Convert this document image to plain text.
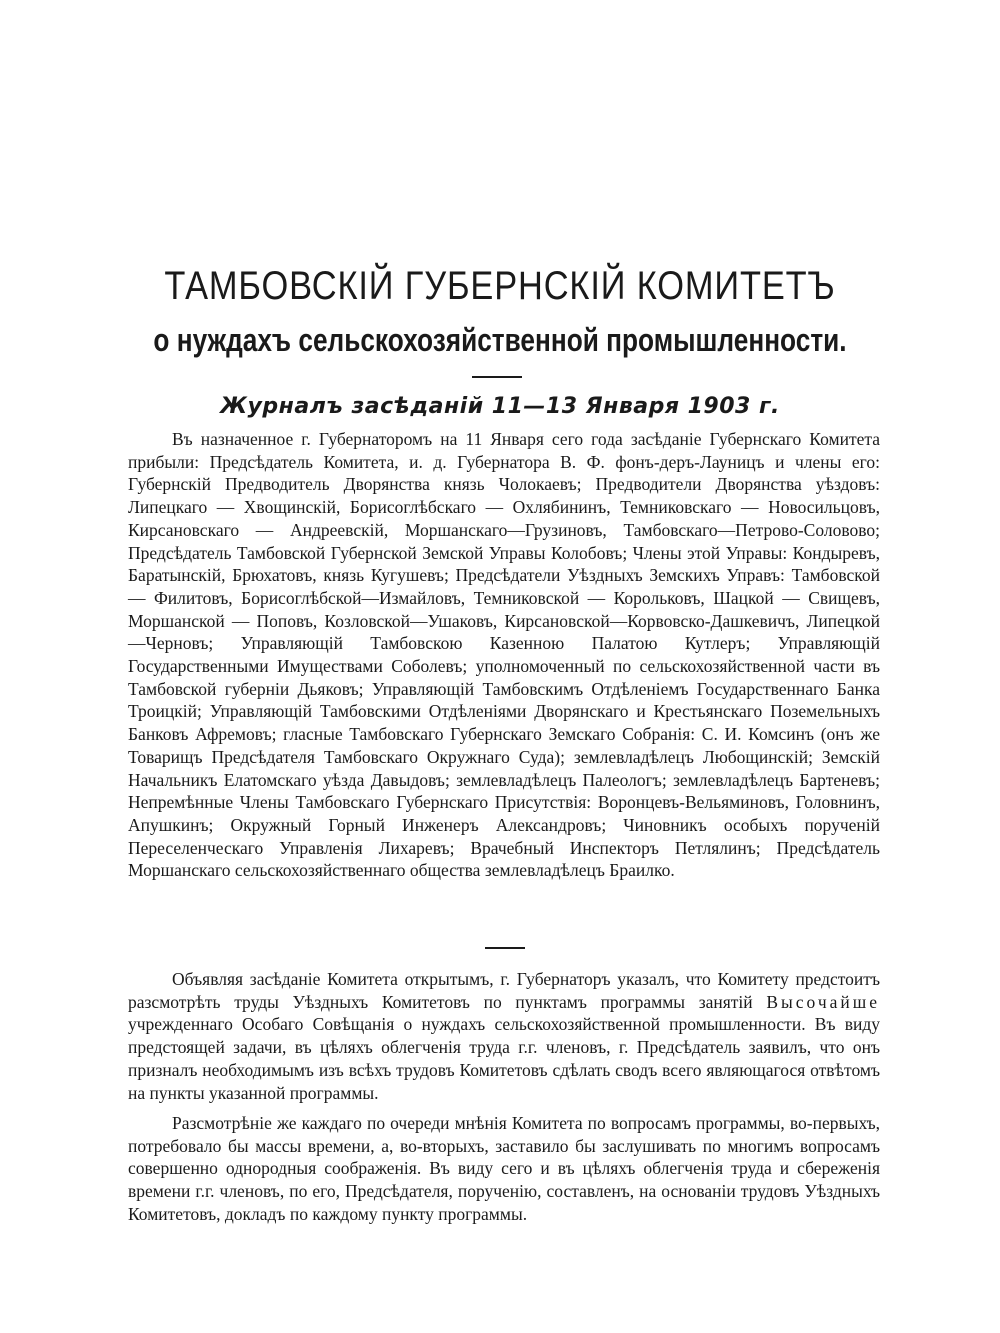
ТАМБОВСКІЙ ГУБЕРНСКІЙ КОМИТЕТЪ
о нуждахъ сельскохозяйственной промышленности.
Журналъ засѣданій 11—13 Января 1903 г.

Въ назначенное г. Губернаторомъ на 11 Января сего года засѣданіе Губернскаго Комитета прибыли: Предсѣдатель Комитета, и. д. Губернатора В. Ф. фонъ-деръ-Лауницъ и члены его: Губернскій Предводитель Дворянства князь Чолокаевъ; Предводители Дворянства уѣздовъ: Липецкаго — Хвощинскій, Борисоглѣбскаго — Охлябининъ, Темниковскаго — Новосильцовъ, Кирсановскаго — Андреевскій, Моршанскаго—Грузиновъ, Тамбовскаго—Петрово-Соловово; Предсѣдатель Тамбовской Губернской Земской Управы Колобовъ; Члены этой Управы: Кондыревъ, Баратынскій, Брюхатовъ, князь Кугушевъ; Предсѣдатели Уѣздныхъ Земскихъ Управъ: Тамбовской — Филитовъ, Борисоглѣбской—Измайловъ, Темниковской — Корольковъ, Шацкой — Свищевъ, Моршанской — Поповъ, Козловской—Ушаковъ, Кирсановской—Корвовско-Дашкевичъ, Липецкой—Черновъ; Управляющій Тамбовскою Казенною Палатою Кутлеръ; Управляющій Государственными Имуществами Соболевъ; уполномоченный по сельскохозяйственной части въ Тамбовской губерніи Дьяковъ; Управляющій Тамбовскимъ Отдѣленіемъ Государственнаго Банка Троицкій; Управляющій Тамбовскими Отдѣленіями Дворянскаго и Крестьянскаго Поземельныхъ Банковъ Афремовъ; гласные Тамбовскаго Губернскаго Земскаго Собранія: С. И. Комсинъ (онъ же Товарищъ Предсѣдателя Тамбовскаго Окружнаго Суда); землевладѣлецъ Любощинскій; Земскій Начальникъ Елатомскаго уѣзда Давыдовъ; землевладѣлецъ Палеологъ; землевладѣлецъ Бартеневъ; Непремѣнные Члены Тамбовскаго Губернскаго Присутствія: Воронцевъ-Вельяминовъ, Головнинъ, Апушкинъ; Окружный Горный Инженеръ Александровъ; Чиновникъ особыхъ порученій Переселенческаго Управленія Лихаревъ; Врачебный Инспекторъ Петлялинъ; Предсѣдатель Моршанскаго сельскохозяйственнаго общества землевладѣлецъ Браилко.

Объявляя засѣданіе Комитета открытымъ, г. Губернаторъ указалъ, что Комитету предстоитъ разсмотрѣть труды Уѣздныхъ Комитетовъ по пунктамъ программы занятій Высочайше учрежденнаго Особаго Совѣщанія о нуждахъ сельскохозяйственной промышленности. Въ виду предстоящей задачи, въ цѣляхъ облегченія труда г.г. членовъ, г. Предсѣдатель заявилъ, что онъ призналъ необходимымъ изъ всѣхъ трудовъ Комитетовъ сдѣлать сводъ всего являющагося отвѣтомъ на пункты указанной программы.

Разсмотрѣніе же каждаго по очереди мнѣнія Комитета по вопросамъ программы, во-первыхъ, потребовало бы массы времени, а, во-вторыхъ, заставило бы заслушивать по многимъ вопросамъ совершенно однородныя соображенія. Въ виду сего и въ цѣляхъ облегченія труда и сбереженія времени г.г. членовъ, по его, Предсѣдателя, порученію, составленъ, на основаніи трудовъ Уѣздныхъ Комитетовъ, докладъ по каждому пункту программы.
